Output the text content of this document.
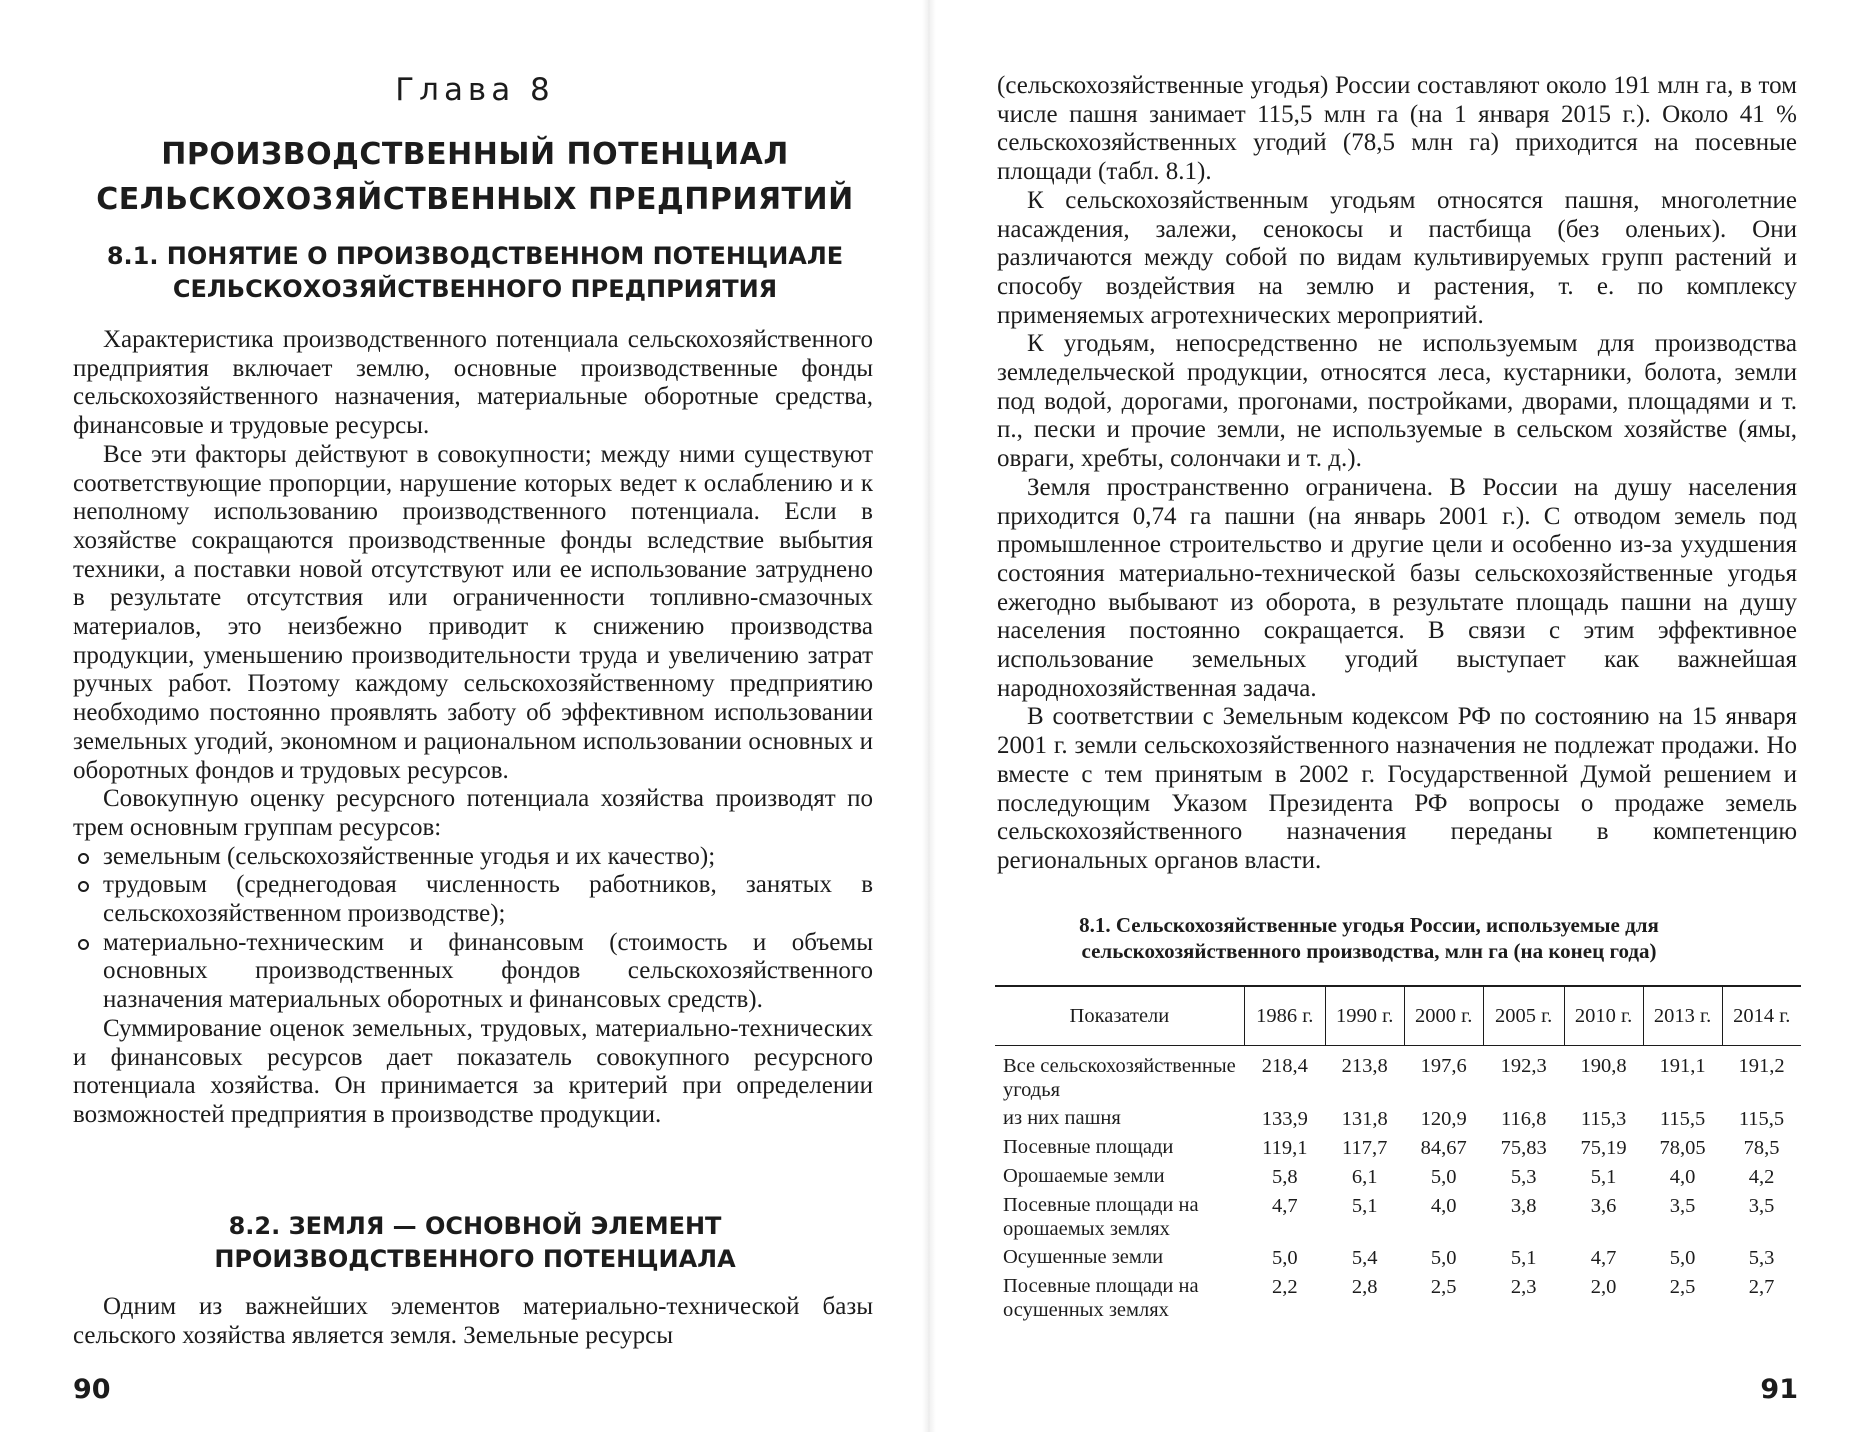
Глава 8
ПРОИЗВОДСТВЕННЫЙ ПОТЕНЦИАЛ
СЕЛЬСКОХОЗЯЙСТВЕННЫХ ПРЕДПРИЯТИЙ
8.1. ПОНЯТИЕ О ПРОИЗВОДСТВЕННОМ ПОТЕНЦИАЛЕ
СЕЛЬСКОХОЗЯЙСТВЕННОГО ПРЕДПРИЯТИЯ

Характеристика производственного потенциала сельскохозяйственного предприятия включает землю, основные производственные фонды сельскохозяйственного назначения, материальные оборотные средства, финансовые и трудовые ресурсы.

Все эти факторы действуют в совокупности; между ними существуют соответствующие пропорции, нарушение которых ведет к ослаблению и к неполному использованию производственного потенциала. Если в хозяйстве сокращаются производственные фонды вследствие выбытия техники, а поставки новой отсутствуют или ее использование затруднено в результате отсутствия или ограниченности топливно-смазочных материалов, это неизбежно приводит к снижению производства продукции, уменьшению производительности труда и увеличению затрат ручных работ. Поэтому каждому сельскохозяйственному предприятию необходимо постоянно проявлять заботу об эффективном использовании земельных угодий, экономном и рациональном использовании основных и оборотных фондов и трудовых ресурсов.

Совокупную оценку ресурсного потенциала хозяйства производят по трем основным группам ресурсов:

земельным (сельскохозяйственные угодья и их качество);
трудовым (среднегодовая численность работников, занятых в сельскохозяйственном производстве);
материально-техническим и финансовым (стоимость и объемы основных производственных фондов сельскохозяйственного назначения материальных оборотных и финансовых средств).

Суммирование оценок земельных, трудовых, материально-технических и финансовых ресурсов дает показатель совокупного ресурсного потенциала хозяйства. Он принимается за критерий при определении возможностей предприятия в производстве продукции.

8.2. ЗЕМЛЯ — ОСНОВНОЙ ЭЛЕМЕНТ
ПРОИЗВОДСТВЕННОГО ПОТЕНЦИАЛА

Одним из важнейших элементов материально-технической базы сельского хозяйства является земля. Земельные ресурсы

90

(сельскохозяйственные угодья) России составляют около 191 млн га, в том числе пашня занимает 115,5 млн га (на 1 января 2015 г.). Около 41 % сельскохозяйственных угодий (78,5 млн га) приходится на посевные площади (табл. 8.1).

К сельскохозяйственным угодьям относятся пашня, многолетние насаждения, залежи, сенокосы и пастбища (без оленьих). Они различаются между собой по видам культивируемых групп растений и способу воздействия на землю и растения, т. е. по комплексу применяемых агротехнических мероприятий.

К угодьям, непосредственно не используемым для производства земледельческой продукции, относятся леса, кустарники, болота, земли под водой, дорогами, прогонами, постройками, дворами, площадями и т. п., пески и прочие земли, не используемые в сельском хозяйстве (ямы, овраги, хребты, солончаки и т. д.).

Земля пространственно ограничена. В России на душу населения приходится 0,74 га пашни (на январь 2001 г.). С отводом земель под промышленное строительство и другие цели и особенно из-за ухудшения состояния материально-технической базы сельскохозяйственные угодья ежегодно выбывают из оборота, в результате площадь пашни на душу населения постоянно сокращается. В связи с этим эффективное использование земельных угодий выступает как важнейшая народнохозяйственная задача.

В соответствии с Земельным кодексом РФ по состоянию на 15 января 2001 г. земли сельскохозяйственного назначения не подлежат продажи. Но вместе с тем принятым в 2002 г. Государственной Думой решением и последующим Указом Президента РФ вопросы о продаже земель сельскохозяйственного назначения переданы в компетенцию региональных органов власти.

8.1. Сельскохозяйственные угодья России, используемые для
сельскохозяйственного производства, млн га (на конец года)
Показатели	1986 г.	1990 г.	2000 г.	2005 г.	2010 г.	2013 г.	2014 г.
Все сельскохозяйственные угодья	218,4	213,8	197,6	192,3	190,8	191,1	191,2
из них пашня	133,9	131,8	120,9	116,8	115,3	115,5	115,5
Посевные площади	119,1	117,7	84,67	75,83	75,19	78,05	78,5
Орошаемые земли	5,8	6,1	5,0	5,3	5,1	4,0	4,2
Посевные площади на орошаемых землях	4,7	5,1	4,0	3,8	3,6	3,5	3,5
Осушенные земли	5,0	5,4	5,0	5,1	4,7	5,0	5,3
Посевные площади на осушенных землях	2,2	2,8	2,5	2,3	2,0	2,5	2,7
91
